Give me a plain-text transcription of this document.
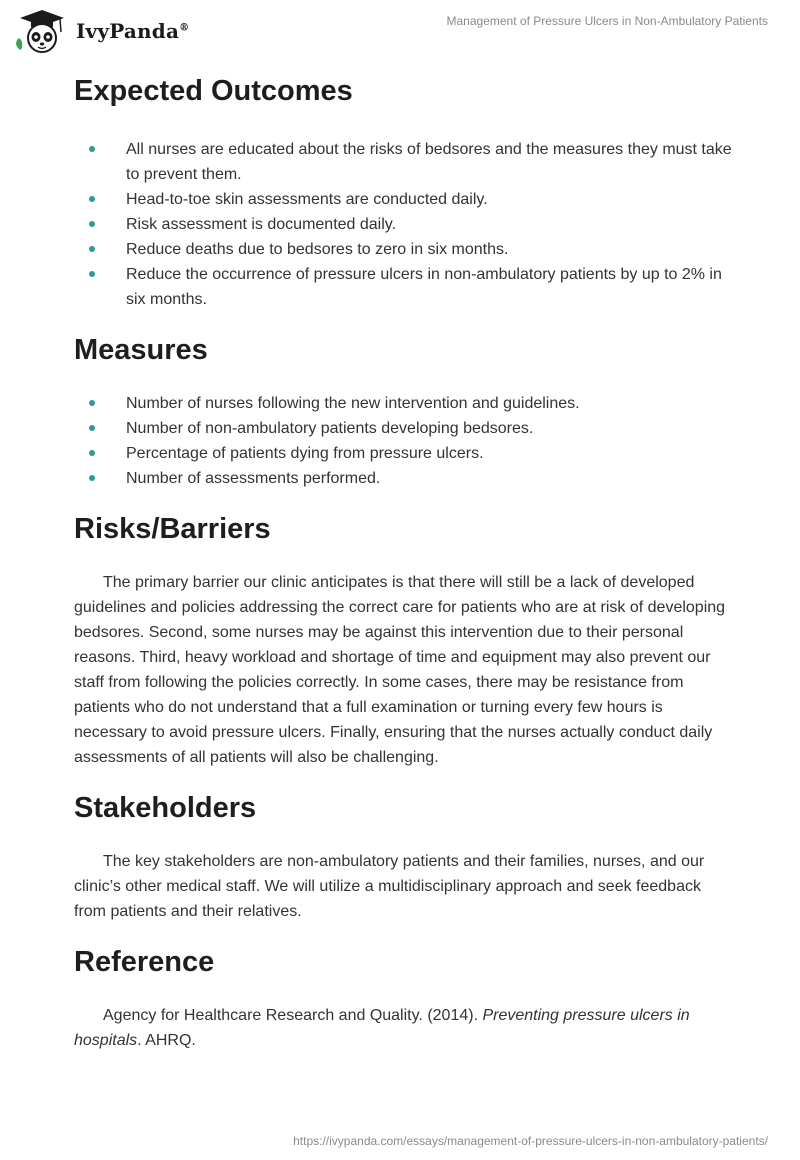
IvyPanda®	Management of Pressure Ulcers in Non-Ambulatory Patients
Expected Outcomes
All nurses are educated about the risks of bedsores and the measures they must take to prevent them.
Head-to-toe skin assessments are conducted daily.
Risk assessment is documented daily.
Reduce deaths due to bedsores to zero in six months.
Reduce the occurrence of pressure ulcers in non-ambulatory patients by up to 2% in six months.
Measures
Number of nurses following the new intervention and guidelines.
Number of non-ambulatory patients developing bedsores.
Percentage of patients dying from pressure ulcers.
Number of assessments performed.
Risks/Barriers

The primary barrier our clinic anticipates is that there will still be a lack of developed guidelines and policies addressing the correct care for patients who are at risk of developing bedsores. Second, some nurses may be against this intervention due to their personal reasons. Third, heavy workload and shortage of time and equipment may also prevent our staff from following the policies correctly. In some cases, there may be resistance from patients who do not understand that a full examination or turning every few hours is necessary to avoid pressure ulcers. Finally, ensuring that the nurses actually conduct daily assessments of all patients will also be challenging.

Stakeholders

The key stakeholders are non-ambulatory patients and their families, nurses, and our clinic’s other medical staff. We will utilize a multidisciplinary approach and seek feedback from patients and their relatives.

Reference

Agency for Healthcare Research and Quality. (2014). Preventing pressure ulcers in hospitals. AHRQ.

https://ivypanda.com/essays/management-of-pressure-ulcers-in-non-ambulatory-patients/
